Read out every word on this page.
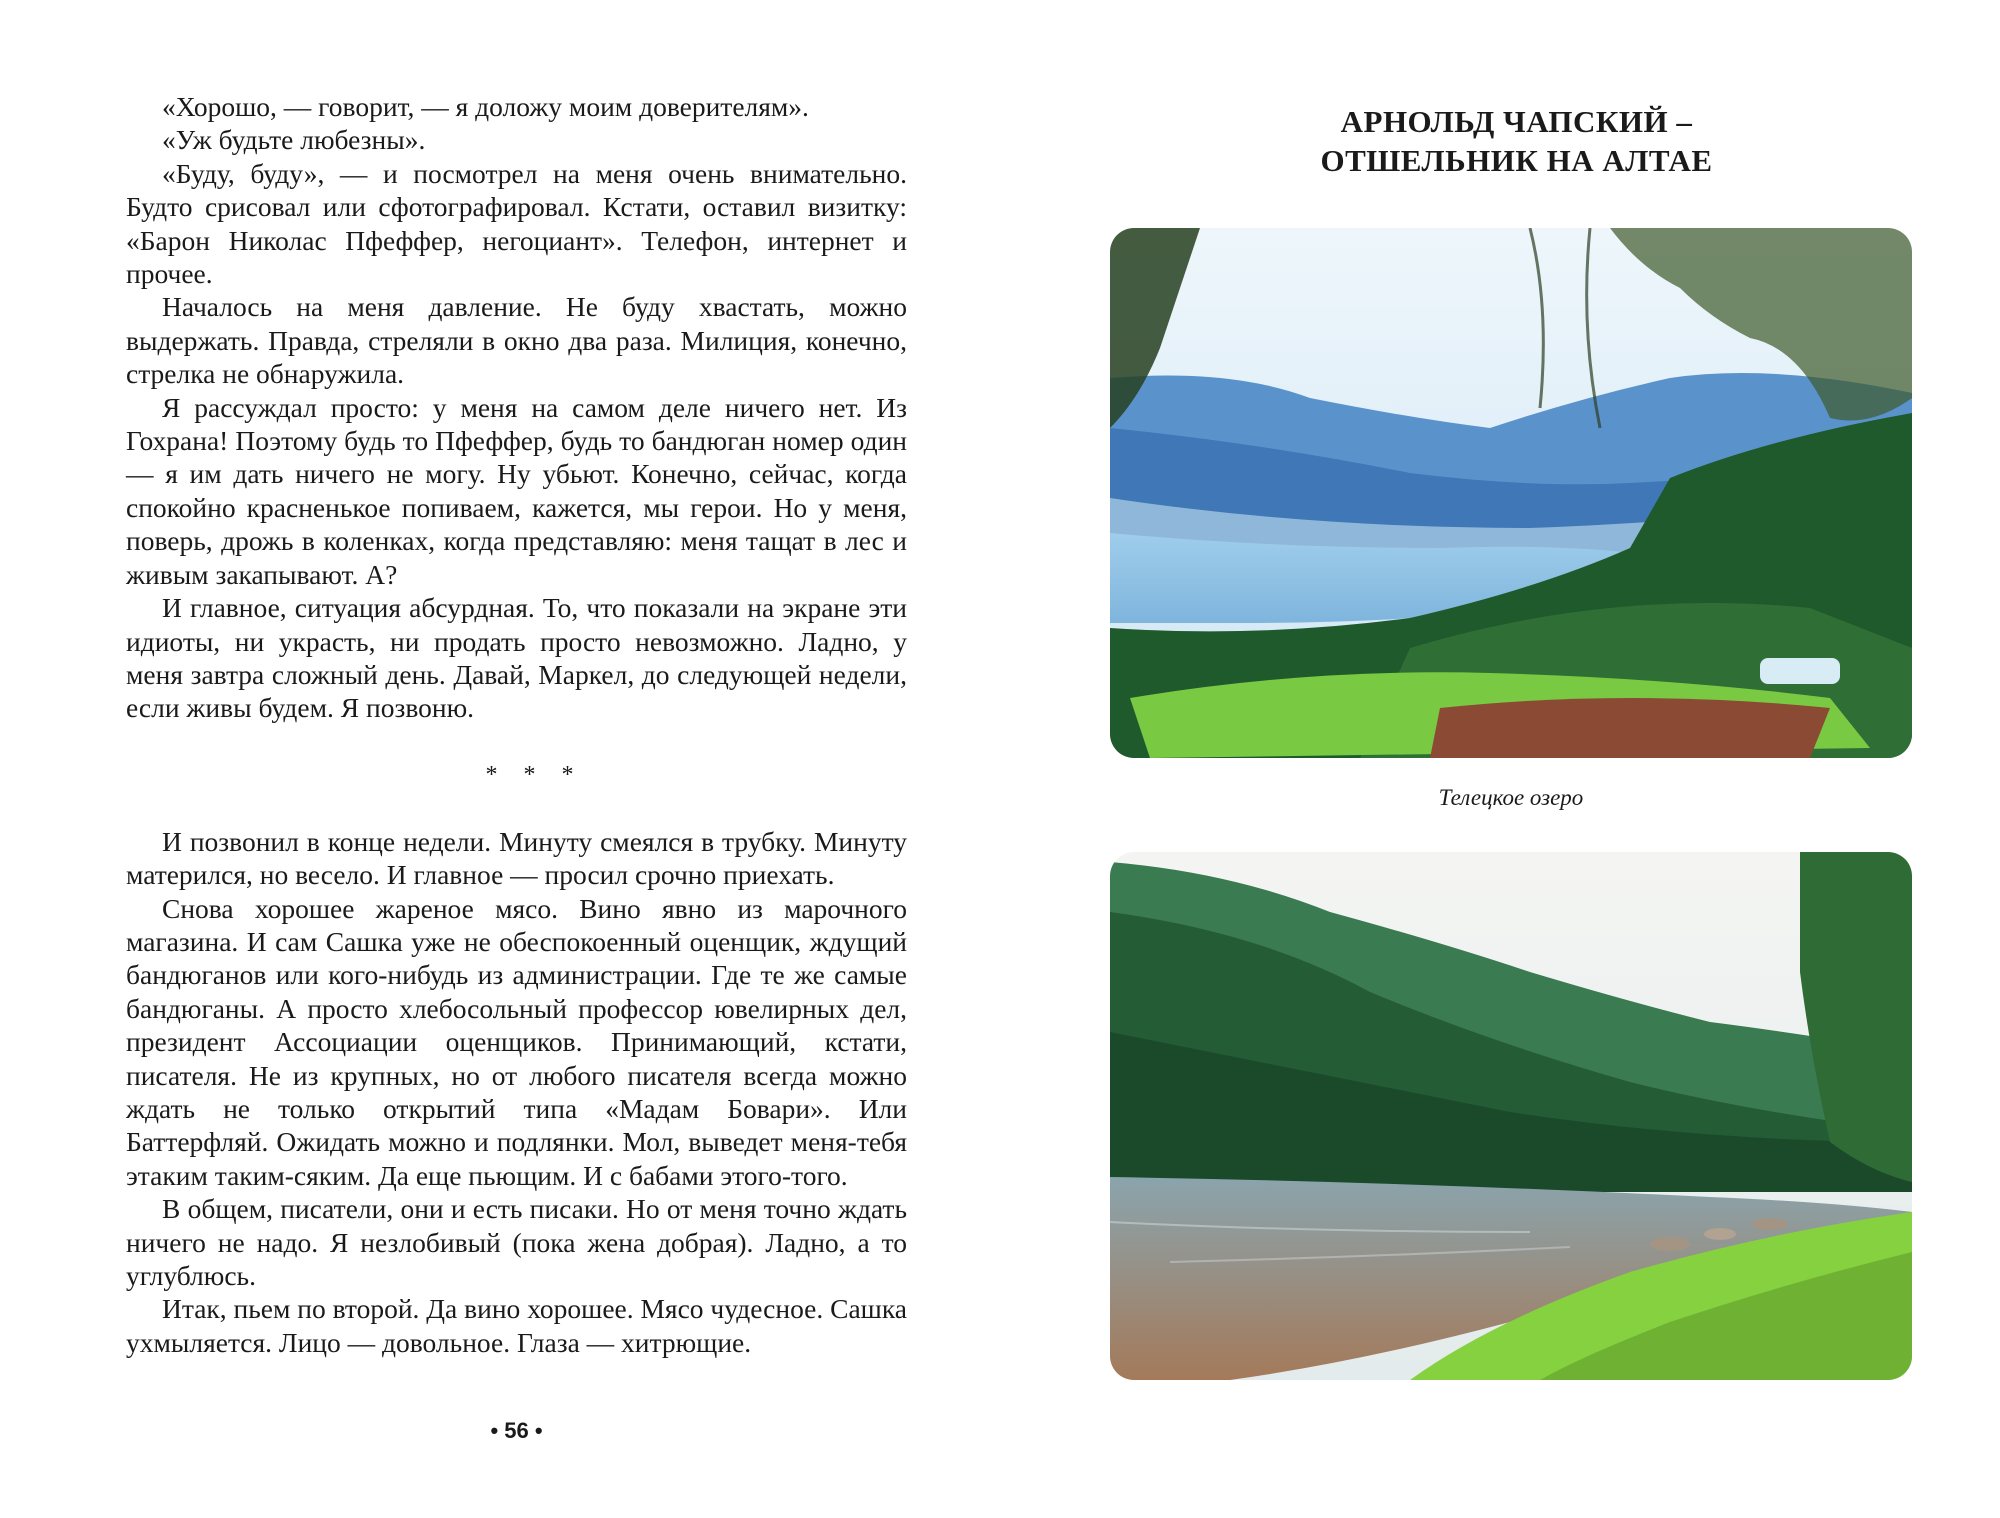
«Хорошо, — говорит, — я доложу моим доверителям».

«Уж будьте любезны».

«Буду, буду», — и посмотрел на меня очень внимательно. Будто срисовал или сфотографировал. Кстати, оставил визитку: «Барон Николас Пфеффер, негоциант». Телефон, интернет и прочее.

Началось на меня давление. Не буду хвастать, можно выдержать. Правда, стреляли в окно два раза. Милиция, конечно, стрелка не обнаружила.

Я рассуждал просто: у меня на самом деле ничего нет. Из Гохрана! Поэтому будь то Пфеффер, будь то бандюган номер один — я им дать ничего не могу. Ну убьют. Конечно, сейчас, когда спокойно красненькое попиваем, кажется, мы герои. Но у меня, поверь, дрожь в коленках, когда представляю: меня тащат в лес и живым закапывают. А?

И главное, ситуация абсурдная. То, что показали на экране эти идиоты, ни украсть, ни продать просто невозможно. Ладно, у меня завтра сложный день. Давай, Маркел, до следующей недели, если живы будем. Я позвоню.

* * *

И позвонил в конце недели. Минуту смеялся в трубку. Минуту матерился, но весело. И главное — просил срочно приехать.

Снова хорошее жареное мясо. Вино явно из марочного магазина. И сам Сашка уже не обеспокоенный оценщик, ждущий бандюганов или кого-нибудь из администрации. Где те же самые бандюганы. А просто хлебосольный профессор ювелирных дел, президент Ассоциации оценщиков. Принимающий, кстати, писателя. Не из крупных, но от любого писателя всегда можно ждать не только открытий типа «Мадам Бовари». Или Баттерфляй. Ожидать можно и подлянки. Мол, выведет меня-тебя этаким таким-сяким. Да еще пьющим. И с бабами этого-того.

В общем, писатели, они и есть писаки. Но от меня точно ждать ничего не надо. Я незлобивый (пока жена добрая). Ладно, а то углублюсь.

Итак, пьем по второй. Да вино хорошее. Мясо чудесное. Сашка ухмыляется. Лицо — довольное. Глаза — хитрющие.

• 56 •
АРНОЛЬД ЧАПСКИЙ –
ОТШЕЛЬНИК НА АЛТАЕ
Телецкое озеро
